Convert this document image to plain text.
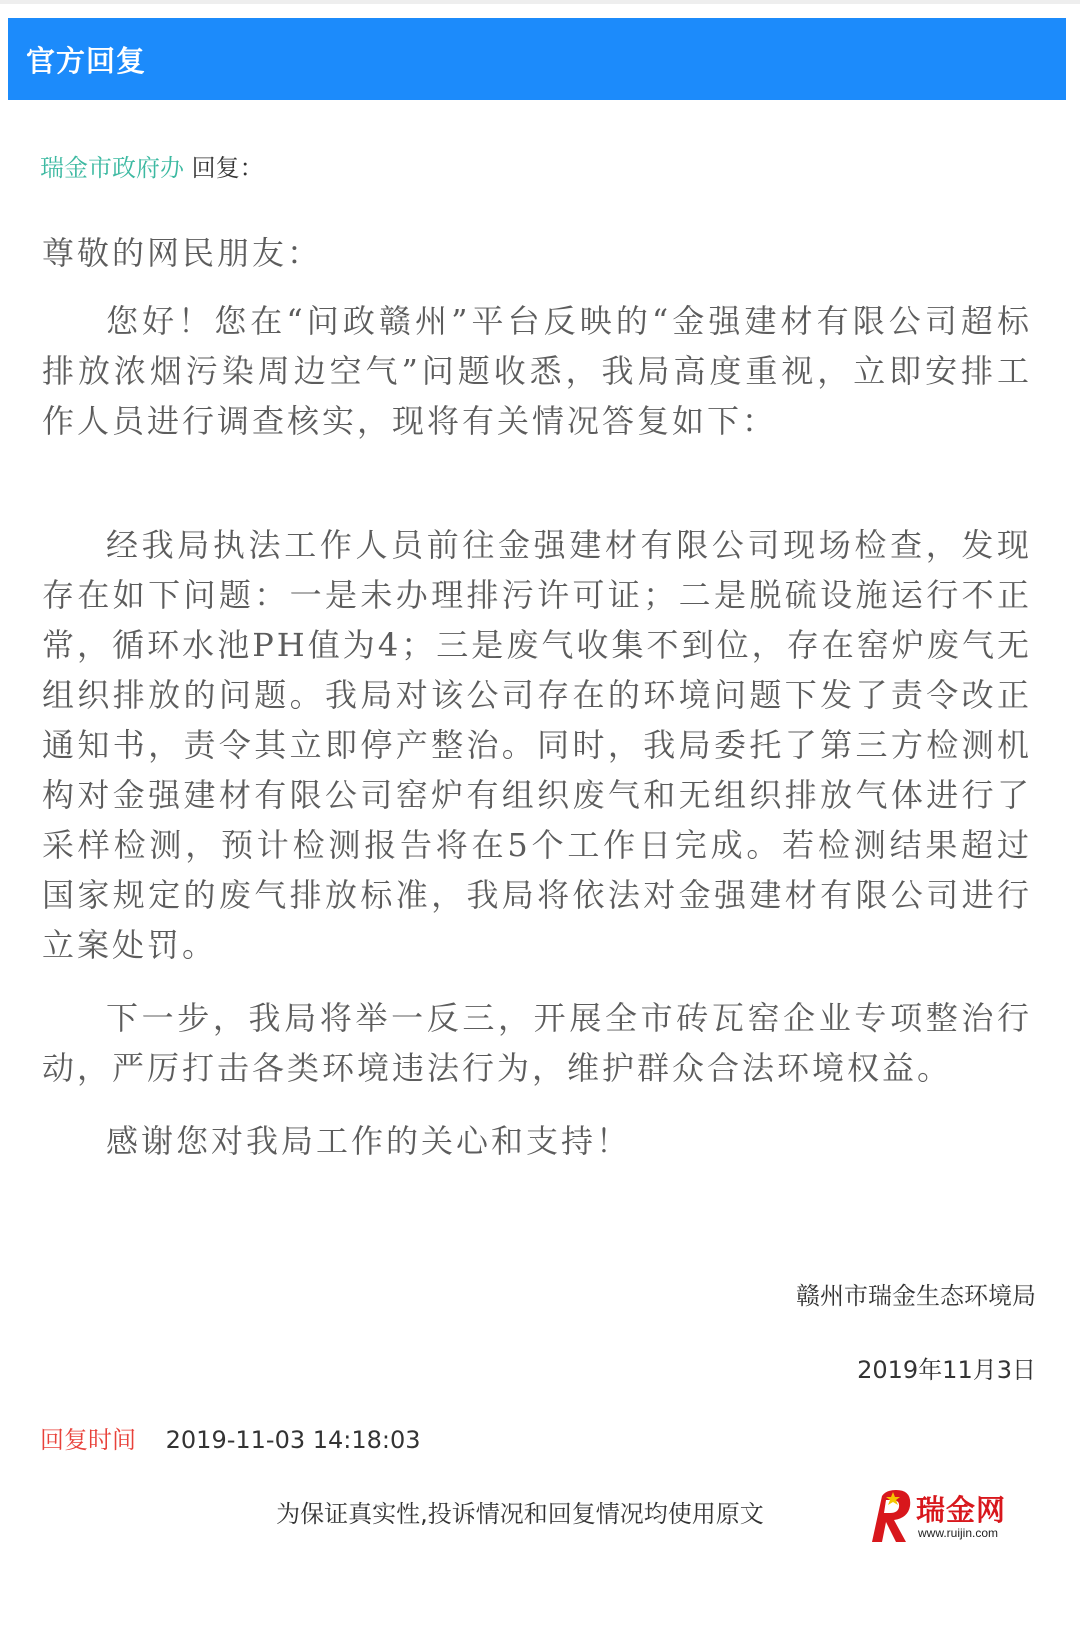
官方回复
瑞金市政府办 回复：
尊敬的网民朋友：
您好！您在“问政赣州”平台反映的“金强建材有限公司超标排放浓烟污染周边空气”问题收悉，我局高度重视，立即安排工作人员进行调查核实，现将有关情况答复如下：
经我局执法工作人员前往金强建材有限公司现场检查，发现存在如下问题：一是未办理排污许可证；二是脱硫设施运行不正常，循环水池PH值为4；三是废气收集不到位，存在窑炉废气无组织排放的问题。我局对该公司存在的环境问题下发了责令改正通知书，责令其立即停产整治。同时，我局委托了第三方检测机构对金强建材有限公司窑炉有组织废气和无组织排放气体进行了采样检测，预计检测报告将在5个工作日完成。若检测结果超过国家规定的废气排放标准，我局将依法对金强建材有限公司进行立案处罚。
下一步，我局将举一反三，开展全市砖瓦窑企业专项整治行动，严厉打击各类环境违法行为，维护群众合法环境权益。
感谢您对我局工作的关心和支持！
赣州市瑞金生态环境局
2019年11月3日
回复时间 2019-11-03 14:18:03
为保证真实性,投诉情况和回复情况均使用原文	瑞金网
www.ruijin.com
